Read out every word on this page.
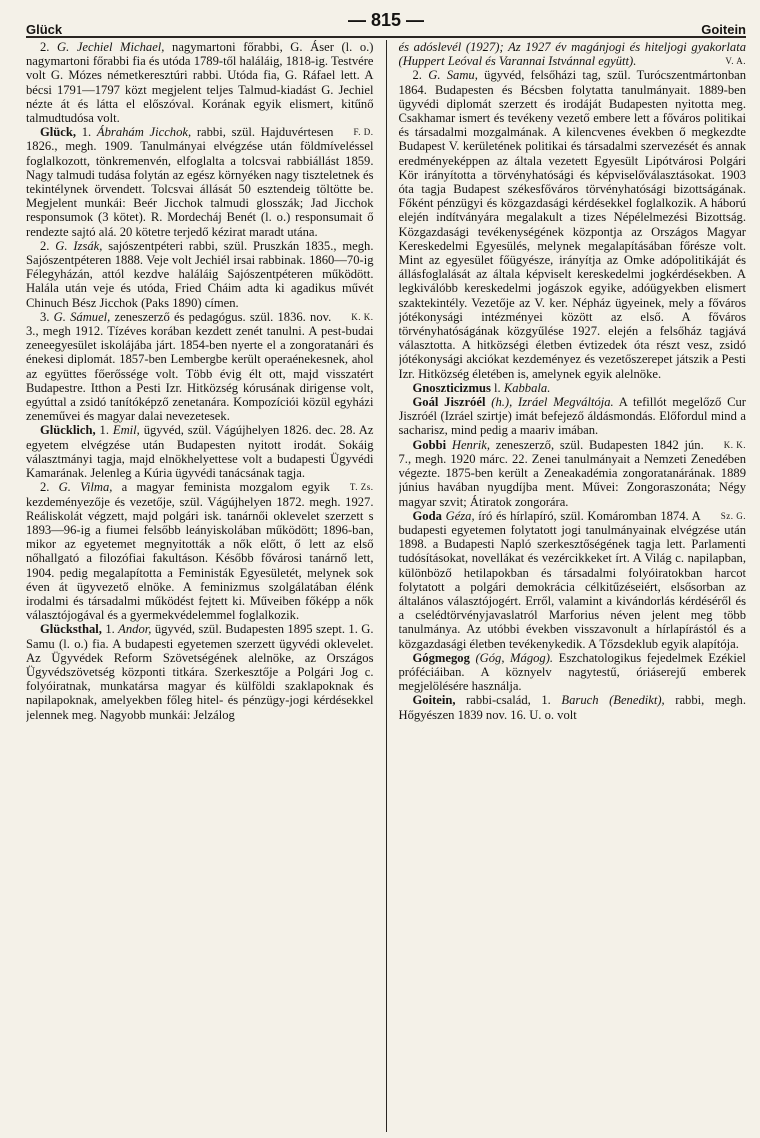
Glück	— 815 —	Goitein

2. G. Jechiel Michael, nagymartoni főrabbi, G. Áser (l. o.) nagymartoni főrabbi fia és utóda 1789-től haláláig, 1818-ig. Testvére volt G. Mózes németkeresztúri rabbi. Utóda fia, G. Ráfael lett. A bécsi 1791—1797 közt megjelent teljes Talmud-kiadást G. Jechiel nézte át és látta el előszóval. Korának egyik elismert, kitűnő talmudtudósa volt.

F. D.
Glück, 1. Ábrahám Jicchok, rabbi, szül. Hajduvértesen 1826., megh. 1909. Tanulmányai elvégzése után földmíveléssel foglalkozott, tönkremenvén, elfoglalta a tolcsvai rabbiállást 1859. Nagy talmudi tudása folytán az egész környéken nagy tiszteletnek és tekintélynek örvendett. Tolcsvai állását 50 esztendeig töltötte be. Megjelent munkái: Beér Jicchok talmudi glosszák; Jad Jicchok responsumok (3 kötet). R. Mordecháj Benét (l. o.) responsumait ő rendezte sajtó alá. 20 kötetre terjedő kézirat maradt utána.

2. G. Izsák, sajószentpéteri rabbi, szül. Pruszkán 1835., megh. Sajószentpéteren 1888. Veje volt Jechiél irsai rabbinak. 1860—70-ig Félegyházán, attól kezdve haláláig Sajószentpéteren működött. Halála után veje és utóda, Fried Cháim adta ki agadikus művét Chinuch Bész Jicchok (Paks 1890) címen.

K. K.
3. G. Sámuel, zeneszerző és pedagógus. szül. 1836. nov. 3., megh 1912. Tízéves korában kezdett zenét tanulni. A pest-budai zeneegyesület iskolájába járt. 1854-ben nyerte el a zongoratanári és énekesi diplomát. 1857-ben Lembergbe került operaénekesnek, ahol az együttes főerőssége volt. Több évig élt ott, majd visszatért Budapestre. Itthon a Pesti Izr. Hitközség kórusának dirigense volt, egyúttal a zsidó tanítóképző zenetanára. Kompozíciói közül egyházi zeneművei és magyar dalai nevezetesek.

Glücklich, 1. Emil, ügyvéd, szül. Vágújhelyen 1826. dec. 28. Az egyetem elvégzése után Budapesten nyitott irodát. Sokáig választmányi tagja, majd elnökhelyettese volt a budapesti Ügyvédi Kamarának. Jelenleg a Kúria ügyvédi tanácsának tagja.

T. Zs.
2. G. Vilma, a magyar feminista mozgalom egyik kezdeményezője és vezetője, szül. Vágújhelyen 1872. megh. 1927. Reáliskolát végzett, majd polgári isk. tanárnői oklevelet szerzett s 1893—96-ig a fiumei felsőbb leányiskolában működött; 1896-ban, mikor az egyetemet megnyitották a nők előtt, ő lett az első nőhallgató a filozófiai fakultáson. Később fővárosi tanárnő lett, 1904. pedig megalapította a Feministák Egyesületét, melynek sok éven át ügyvezető elnöke. A feminizmus szolgálatában élénk irodalmi és társadalmi működést fejtett ki. Műveiben főképp a nők választójogával és a gyermekvédelemmel foglalkozik.

Glücksthal, 1. Andor, ügyvéd, szül. Budapesten 1895 szept. 1. G. Samu (l. o.) fia. A budapesti egyetemen szerzett ügyvédi oklevelet. Az Ügyvédek Reform Szövetségének alelnöke, az Országos Ügyvédszövetség központi titkára. Szerkesztője a Polgári Jog c. folyóiratnak, munkatársa magyar és külföldi szaklapoknak és napilapoknak, amelyekben főleg hitel- és pénzügy-jogi kérdésekkel jelennek meg. Nagyobb munkái: Jelzálog

és adóslevél (1927); Az 1927 év magánjogi és hiteljogi gyakorlata (Huppert Leóval és Varannai Istvánnal együtt).	V. A.

2. G. Samu, ügyvéd, felsőházi tag, szül. Turócszentmártonban 1864. Budapesten és Bécsben folytatta tanulmányait. 1889-ben ügyvédi diplomát szerzett és irodáját Budapesten nyitotta meg. Csakhamar ismert és tevékeny vezető embere lett a főváros politikai és társadalmi mozgalmának. A kilencvenes években ő megkezdte Budapest V. kerületének politikai és társadalmi szervezését és annak eredményeképpen az általa vezetett Egyesült Lipótvárosi Polgári Kör irányította a törvényhatósági és képviselőválasztásokat. 1903 óta tagja Budapest székesfőváros törvényhatósági bizottságának. Főként pénzügyi és közgazdasági kérdésekkel foglalkozik. A háború elején indítványára megalakult a tizes Népélelmezési Bizottság. Közgazdasági tevékenységének központja az Országos Magyar Kereskedelmi Egyesülés, melynek megalapításában főrésze volt. Mint az egyesület főügyésze, irányítja az Omke adópolitikáját és állásfoglalását az általa képviselt kereskedelmi jogkérdésekben. A legkiválóbb kereskedelmi jogászok egyike, adóügyekben elismert szaktekintély. Vezetője az V. ker. Népház ügyeinek, mely a főváros jótékonysági intézményei között az első. A főváros törvényhatóságának közgyűlése 1927. elején a felsőház tagjává választotta. A hitközségi életben évtizedek óta részt vesz, zsidó jótékonysági akciókat kezdeményez és vezetőszerepet játszik a Pesti Izr. Hitközség életében is, amelynek egyik alelnöke.

Gnoszticizmus l. Kabbala.

Goál Jiszróél (h.), Izráel Megváltója. A tefillót megelőző Cur Jiszróél (Izráel szirtje) imát befejező áldásmondás. Előfordul mind a sacharisz, mind pedig a maariv imában.

K. K.
Gobbi Henrik, zeneszerző, szül. Budapesten 1842 jún. 7., megh. 1920 márc. 22. Zenei tanulmányait a Nemzeti Zenedében végezte. 1875-ben került a Zeneakadémia zongoratanárának. 1889 június havában nyugdíjba ment. Művei: Zongoraszonáta; Négy magyar szvit; Átiratok zongorára.

Sz. G.
Goda Géza, író és hírlapíró, szül. Komáromban 1874. A budapesti egyetemen folytatott jogi tanulmányainak elvégzése után 1898. a Budapesti Napló szerkesztőségének tagja lett. Parlamenti tudósításokat, novellákat és vezércikkeket írt. A Világ c. napilapban, különböző hetilapokban és társadalmi folyóiratokban harcot folytatott a polgári demokrácia célkitűzéseiért, elsősorban az általános választójogért. Erről, valamint a kivándorlás kérdéséről és a cselédtörvényjavaslatról Marforius néven jelent meg több tanulmánya. Az utóbbi években visszavonult a hírlapírástól és a közgazdasági életben tevékenykedik. A Tőzsdeklub egyik alapítója.

Gógmegog (Góg, Mágog). Eszchatologikus fejedelmek Ezékiel próféciáiban. A köznyelv nagytestű, óriáserejű emberek megjelölésére használja.

Goitein, rabbi-család, 1. Baruch (Benedikt), rabbi, megh. Hőgyészen 1839 nov. 16. U. o. volt
